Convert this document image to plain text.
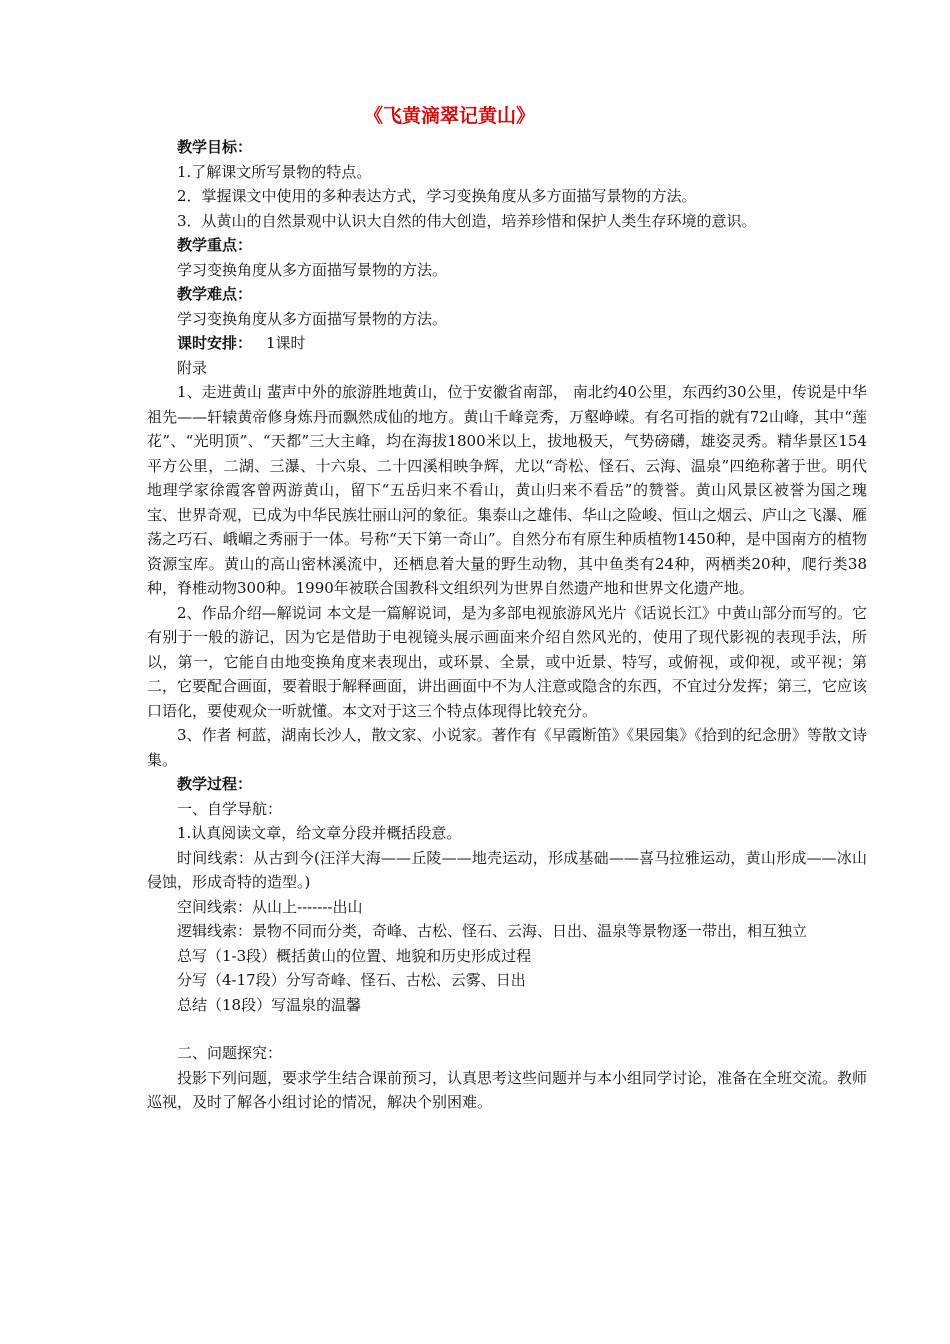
《飞黄滴翠记黄山》

教学目标：

1.了解课文所写景物的特点。

2．掌握课文中使用的多种表达方式，学习变换角度从多方面描写景物的方法。

3．从黄山的自然景观中认识大自然的伟大创造，培养珍惜和保护人类生存环境的意识。

教学重点：

学习变换角度从多方面描写景物的方法。

教学难点：

学习变换角度从多方面描写景物的方法。

课时安排： 1课时

附录

1、走进黄山 蜚声中外的旅游胜地黄山，位于安徽省南部， 南北约40公里，东西约30公里，传说是中华祖先——轩辕黄帝修身炼丹而飘然成仙的地方。黄山千峰竞秀，万壑峥嵘。有名可指的就有72山峰，其中“莲花”、“光明顶”、“天都”三大主峰，均在海拔1800米以上，拔地极天，气势磅礴，雄姿灵秀。精华景区154平方公里，二湖、三瀑、十六泉、二十四溪相映争辉，尤以“奇松、怪石、云海、温泉”四绝称著于世。明代地理学家徐霞客曾两游黄山，留下“五岳归来不看山，黄山归来不看岳”的赞誉。黄山风景区被誉为国之瑰宝、世界奇观，已成为中华民族壮丽山河的象征。集泰山之雄伟、华山之险峻、恒山之烟云、庐山之飞瀑、雁荡之巧石、峨嵋之秀丽于一体。号称“天下第一奇山”。自然分布有原生种质植物1450种，是中国南方的植物资源宝库。黄山的高山密林溪流中，还栖息着大量的野生动物，其中鱼类有24种，两栖类20种，爬行类38种，脊椎动物300种。1990年被联合国教科文组织列为世界自然遗产地和世界文化遗产地。

2、作品介绍—解说词 本文是一篇解说词，是为多部电视旅游风光片《话说长江》中黄山部分而写的。它有别于一般的游记，因为它是借助于电视镜头展示画面来介绍自然风光的，使用了现代影视的表现手法，所以，第一，它能自由地变换角度来表现出，或环景、全景，或中近景、特写，或俯视，或仰视，或平视；第二，它要配合画面，要着眼于解释画面，讲出画面中不为人注意或隐含的东西，不宜过分发挥；第三，它应该口语化，要使观众一听就懂。本文对于这三个特点体现得比较充分。

3、作者 柯蓝，湖南长沙人，散文家、小说家。著作有《早霞断笛》《果园集》《拾到的纪念册》等散文诗集。

教学过程：

一、自学导航：

1.认真阅读文章，给文章分段并概括段意。

时间线索：从古到今(汪洋大海——丘陵——地壳运动，形成基础——喜马拉雅运动，黄山形成——冰山侵蚀，形成奇特的造型。)

空间线索：从山上-------出山

逻辑线索：景物不同而分类，奇峰、古松、怪石、云海、日出、温泉等景物逐一带出，相互独立

总写（1-3段）概括黄山的位置、地貌和历史形成过程

分写（4-17段）分写奇峰、怪石、古松、云雾、日出

总结（18段）写温泉的温馨

二、问题探究：

投影下列问题，要求学生结合课前预习，认真思考这些问题并与本小组同学讨论，准备在全班交流。教师巡视，及时了解各小组讨论的情况，解决个别困难。
